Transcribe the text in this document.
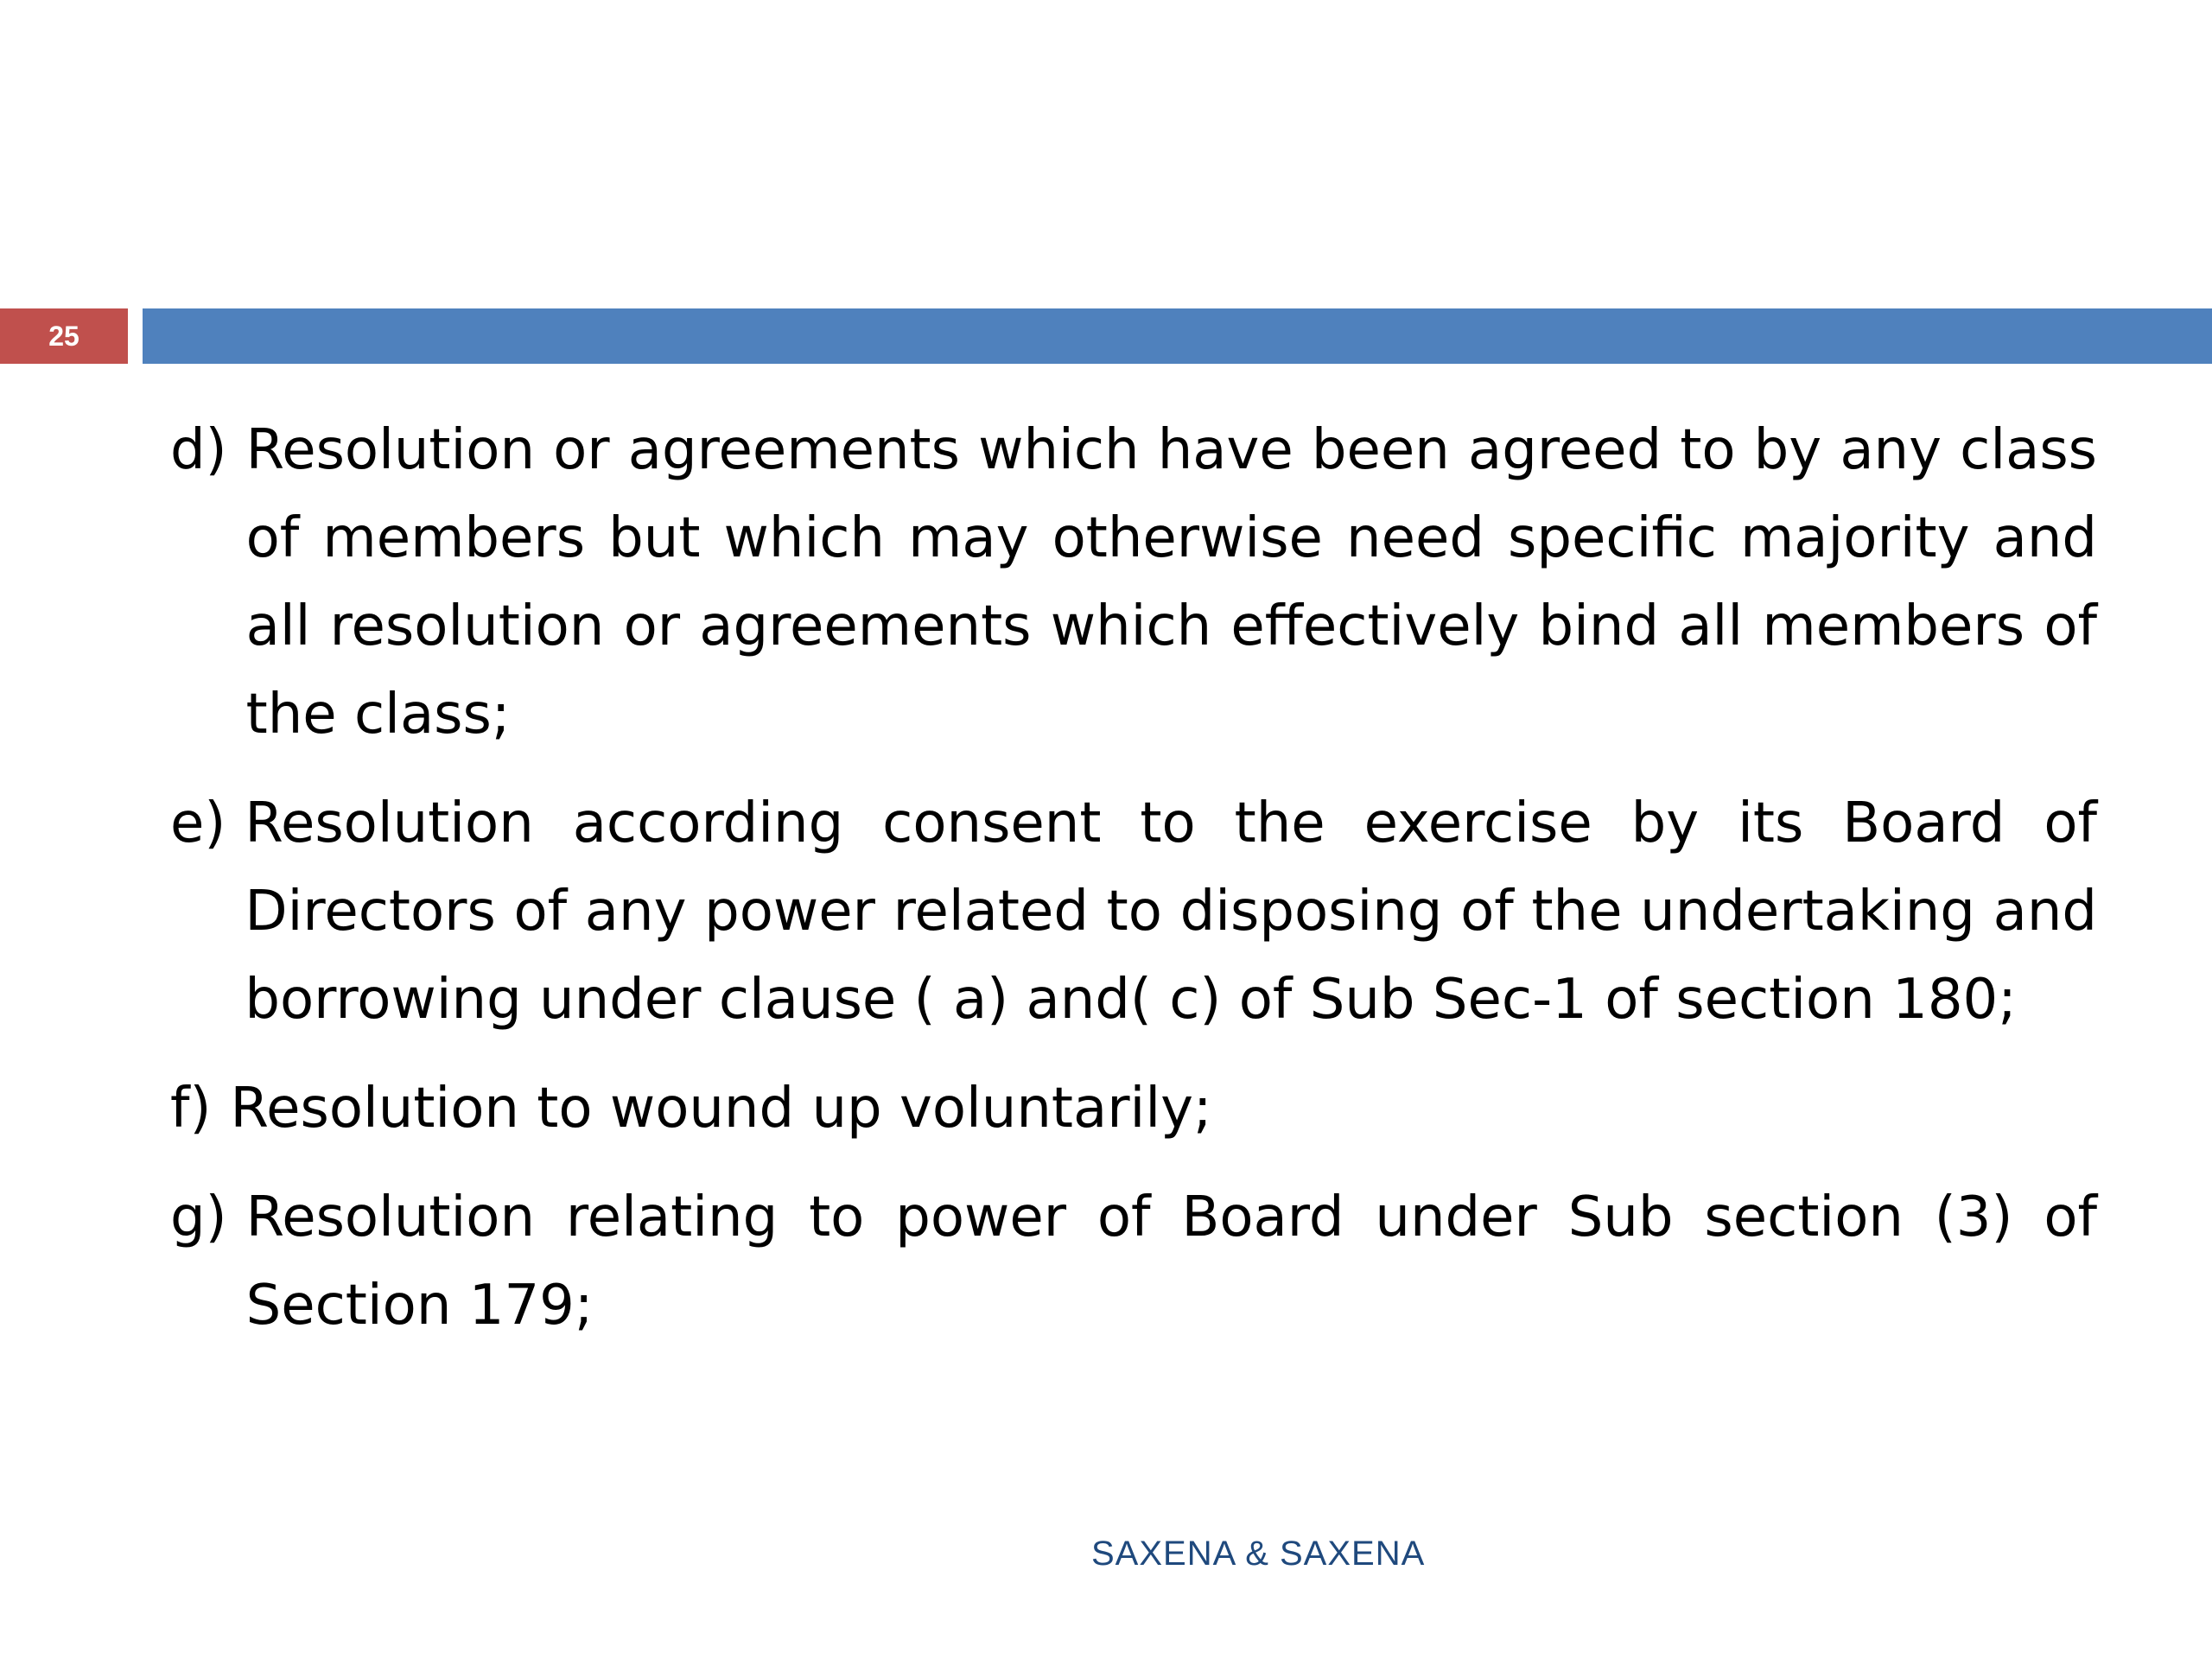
25
d) Resolution or agreements which have been agreed to by any class of members but which may otherwise need specific majority and all resolution or agreements which effectively bind all members of the class;
e) Resolution according consent to the exercise by its Board of Directors of any power related to disposing of the undertaking and borrowing under clause ( a) and( c) of Sub Sec-1 of section 180;
f) Resolution to wound up voluntarily;
g) Resolution relating to power of Board under Sub section (3) of Section 179;
SAXENA & SAXENA
